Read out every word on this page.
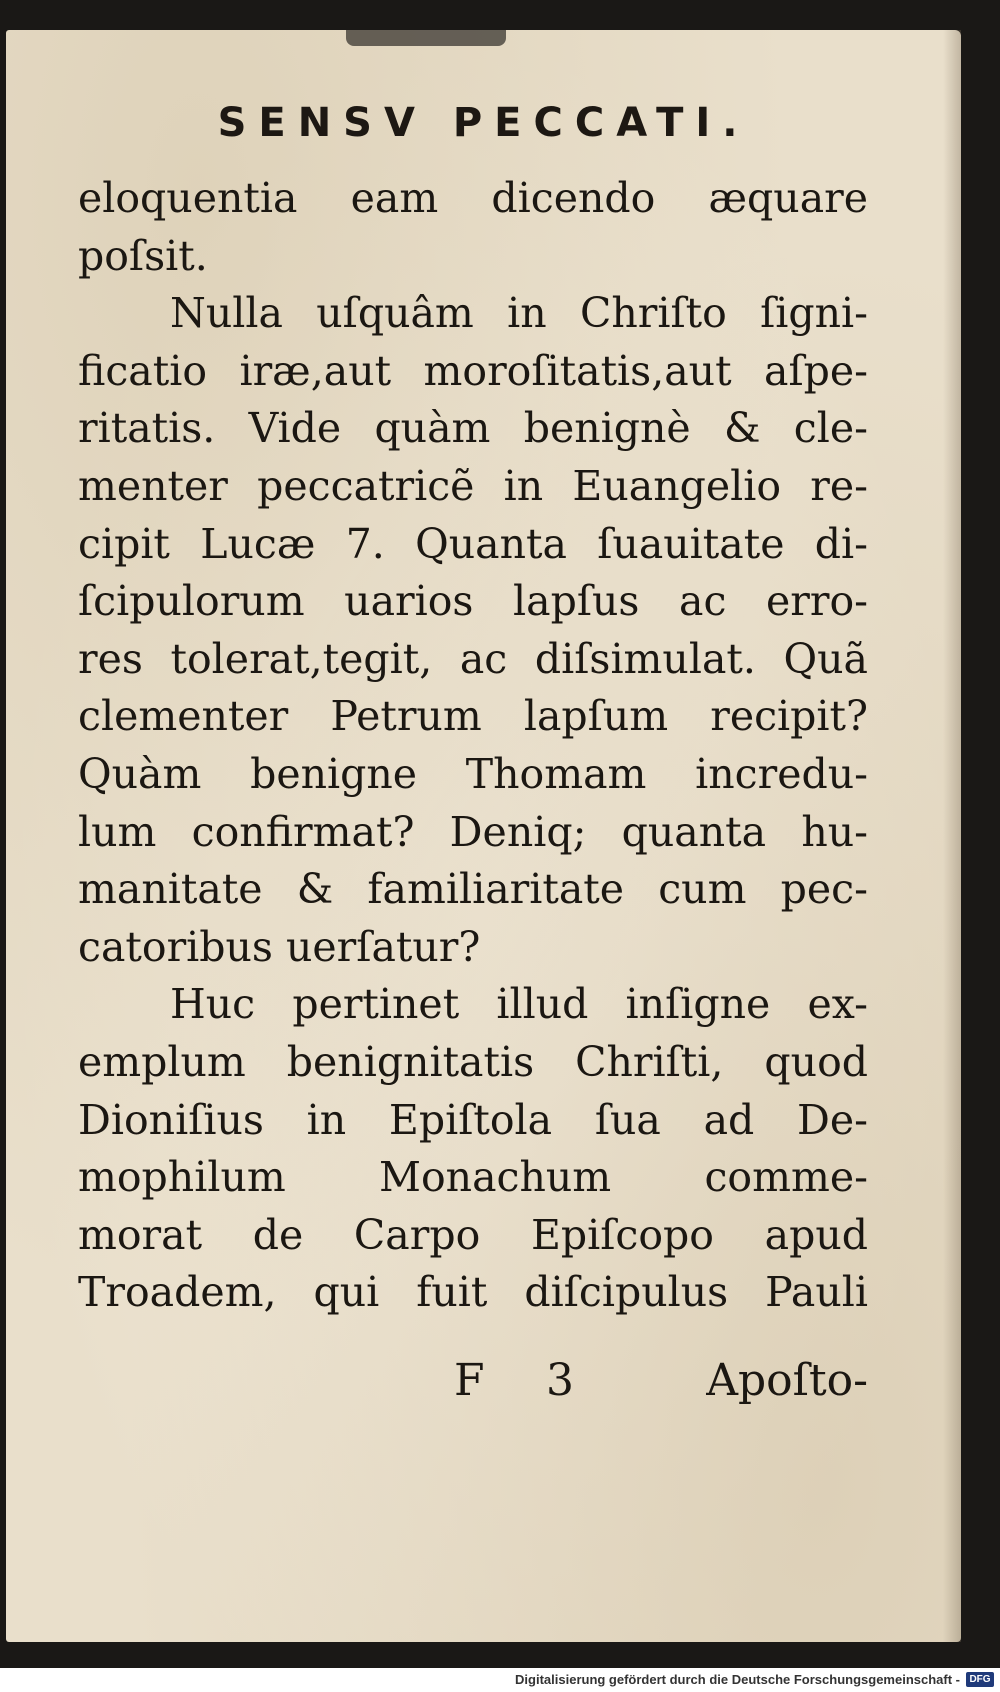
SENSV PECCATI.
eloquentia eam dicendo æquare
poſsit.
Nulla uſquâm in Chriſto ſigni-
ficatio iræ,aut moroſitatis,aut aſpe-
ritatis. Vide quàm benignè & cle-
menter peccatricẽ in Euangelio re-
cipit Lucæ 7. Quanta ſuauitate di-
ſcipulorum uarios lapſus ac erro-
res tolerat,tegit, ac diſsimulat. Quã
clementer Petrum lapſum recipit?
Quàm benigne Thomam incredu-
lum confirmat? Deniq; quanta hu-
manitate & familiaritate cum pec-
catoribus uerſatur?
Huc pertinet illud inſigne ex-
emplum benignitatis Chriſti, quod
Dioniſius in Epiſtola ſua ad De-
mophilum Monachum comme-
morat de Carpo Epiſcopo apud
Troadem, qui fuit diſcipulus Pauli
F 3	Apoſto-
Digitalisierung gefördert durch die Deutsche Forschungsgemeinschaft - DFG
